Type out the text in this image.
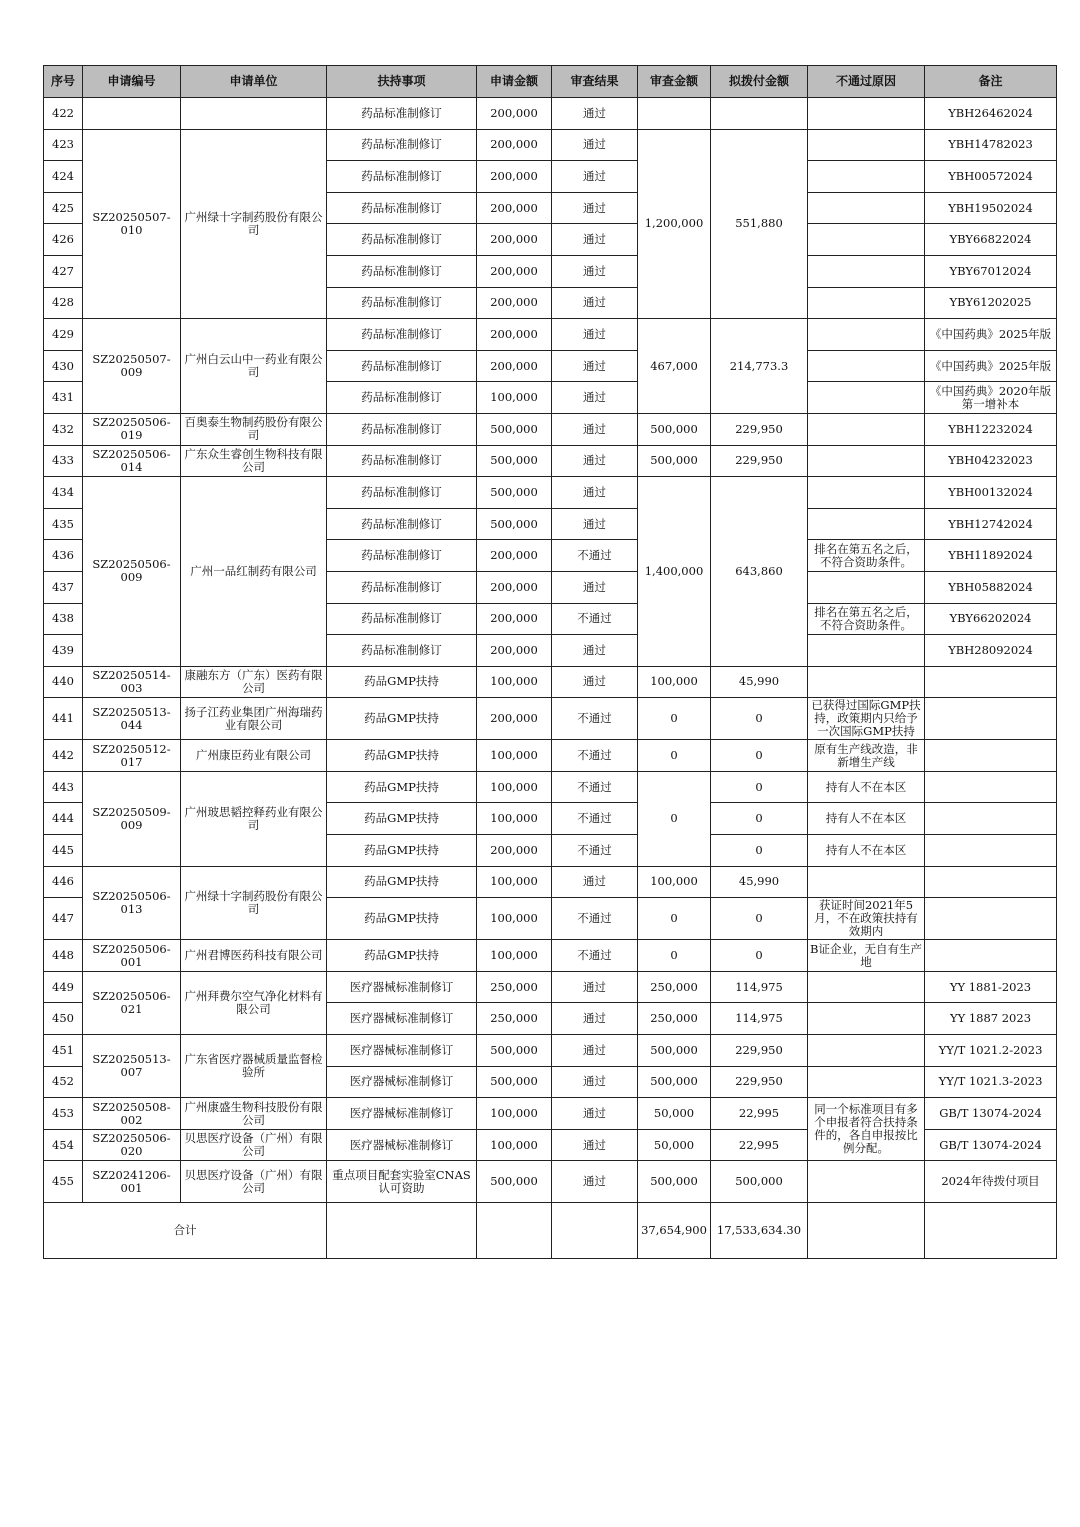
序号	申请编号	申请单位	扶持事项	申请金额	审查结果	审查金额	拟拨付金额	不通过原因	备注
422			药品标准制修订	200,000	通过				YBH26462024
423	SZ20250507-010	广州绿十字制药股份有限公司	药品标准制修订	200,000	通过	1,200,000	551,880		YBH14782023
424			药品标准制修订	200,000	通过				YBH00572024
425			药品标准制修订	200,000	通过				YBH19502024
426			药品标准制修订	200,000	通过				YBY66822024
427			药品标准制修订	200,000	通过				YBY67012024
428			药品标准制修订	200,000	通过				YBY61202025
429	SZ20250507-009	广州白云山中一药业有限公司	药品标准制修订	200,000	通过	467,000	214,773.3		《中国药典》2025年版
430			药品标准制修订	200,000	通过				《中国药典》2025年版
431			药品标准制修订	100,000	通过				《中国药典》2020年版第一增补本
432	SZ20250506-019	百奥泰生物制药股份有限公司	药品标准制修订	500,000	通过	500,000	229,950		YBH12232024
433	SZ20250506-014	广东众生睿创生物科技有限公司	药品标准制修订	500,000	通过	500,000	229,950		YBH04232023
434	SZ20250506-009	广州一品红制药有限公司	药品标准制修订	500,000	通过	1,400,000	643,860		YBH00132024
435			药品标准制修订	500,000	通过				YBH12742024
436			药品标准制修订	200,000	不通过			排名在第五名之后，不符合资助条件。	YBH11892024
437			药品标准制修订	200,000	通过				YBH05882024
438			药品标准制修订	200,000	不通过			排名在第五名之后，不符合资助条件。	YBY66202024
439			药品标准制修订	200,000	通过				YBH28092024
440	SZ20250514-003	康融东方（广东）医药有限公司	药品GMP扶持	100,000	通过	100,000	45,990		
441	SZ20250513-044	扬子江药业集团广州海瑞药业有限公司	药品GMP扶持	200,000	不通过	0	0	已获得过国际GMP扶持，政策期内只给予一次国际GMP扶持	
442	SZ20250512-017	广州康臣药业有限公司	药品GMP扶持	100,000	不通过	0	0	原有生产线改造，非新增生产线	
443	SZ20250509-009	广州玻思韬控释药业有限公司	药品GMP扶持	100,000	不通过	0	0	持有人不在本区	
444			药品GMP扶持	100,000	不通过		0	持有人不在本区	
445			药品GMP扶持	200,000	不通过		0	持有人不在本区	
446	SZ20250506-013	广州绿十字制药股份有限公司	药品GMP扶持	100,000	通过	100,000	45,990		
447			药品GMP扶持	100,000	不通过	0	0	获证时间2021年5月，不在政策扶持有效期内	
448	SZ20250506-001	广州君博医药科技有限公司	药品GMP扶持	100,000	不通过	0	0	B证企业，无自有生产地	
449	SZ20250506-021	广州拜费尔空气净化材料有限公司	医疗器械标准制修订	250,000	通过	250,000	114,975		YY 1881-2023
450			医疗器械标准制修订	250,000	通过	250,000	114,975		YY 1887 2023
451	SZ20250513-007	广东省医疗器械质量监督检验所	医疗器械标准制修订	500,000	通过	500,000	229,950		YY/T 1021.2-2023
452			医疗器械标准制修订	500,000	通过	500,000	229,950		YY/T 1021.3-2023
453	SZ20250508-002	广州康盛生物科技股份有限公司	医疗器械标准制修订	100,000	通过	50,000	22,995	同一个标准项目有多个申报者符合扶持条件的，各自申报按比例分配。	GB/T 13074-2024
454	SZ20250506-020	贝思医疗设备（广州）有限公司	医疗器械标准制修订	100,000	通过	50,000	22,995		GB/T 13074-2024
455	SZ20241206-001	贝思医疗设备（广州）有限公司	重点项目配套实验室CNAS认可资助	500,000	通过	500,000	500,000		2024年待拨付项目
合计						37,654,900	17,533,634.30		
